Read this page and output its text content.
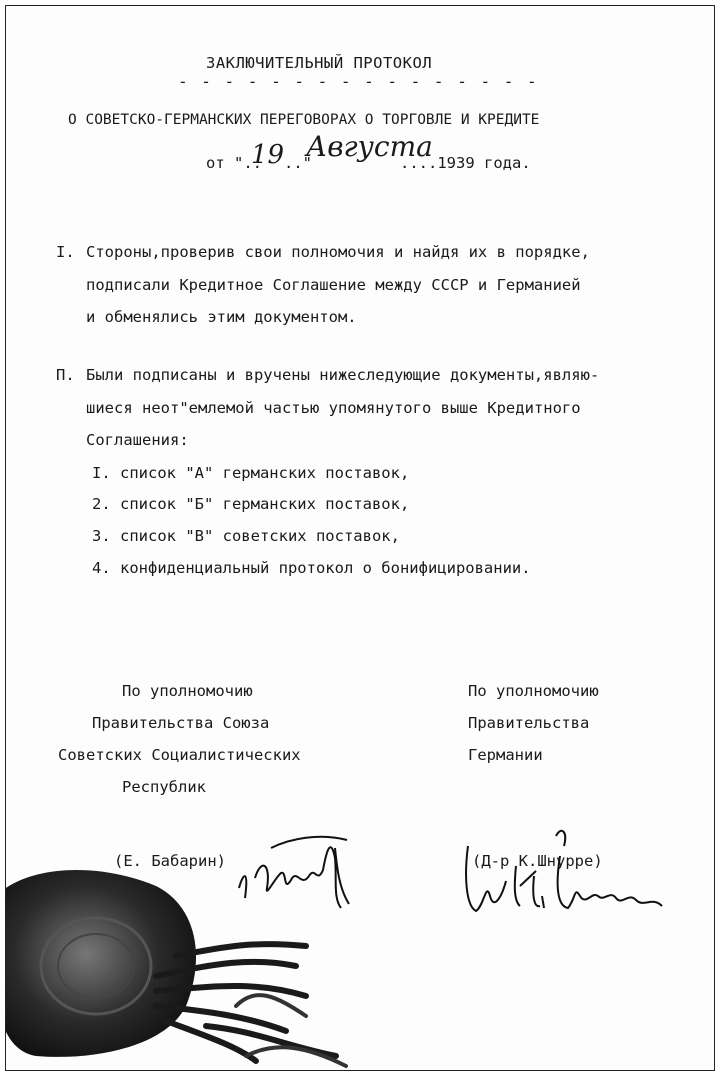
ЗАКЛЮЧИТЕЛЬНЫЙ ПРОТОКОЛ
- - - - - - - - - - - - - - - -
О СОВЕТСКО-ГЕРМАНСКИХ ПЕРЕГОВОРАХ О ТОРГОВЛЕ И КРЕДИТЕ
от ".. .."	....1939 года.
19 Августа
I. Стороны,проверив свои полномочия и найдя их в порядке,
подписали Кредитное Соглашение между СССР и Германией
и обменялись этим документом.
П. Были подписаны и вручены нижеследующие документы,являю-
шиеся неот"емлемой частью упомянутого выше Кредитного
Соглашения:
I. список "А" германских поставок,
2. список "Б" германских поставок,
3. список "В" советских поставок,
4. конфиденциальный протокол о бонифицировании.
По уполномочию
Правительства Союза
Советских Социалистических
Республик
По уполномочию
Правительства
Германии
(Е. Бабарин)	(Д-р К.Шнурре)
